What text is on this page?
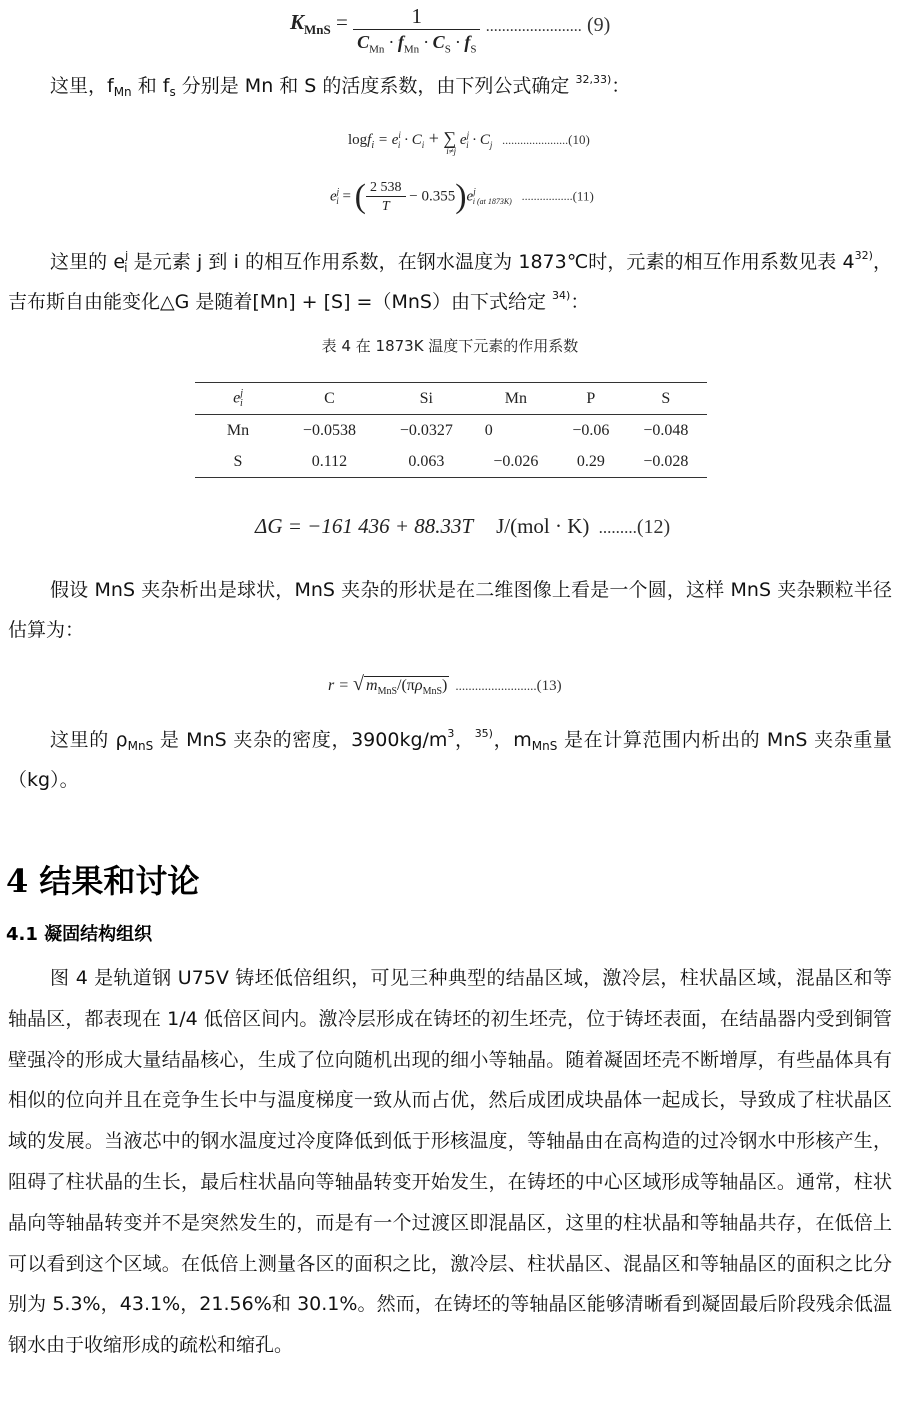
$K_{MnS} = \frac{1}{C_{Mn} \cdot f_{Mn} \cdot C_S \cdot f_S}$ ........................ (9)
这里，$f_{Mn}$ 和 $f_s$ 分别是 Mn 和 S 的活度系数，由下列公式确定 $^{32,33)}$：
$\log f_i = e^i_i \cdot C_i + \sum_{i\ne j}$ $e^j_i \cdot C_j$ ......................(10)
$e^j_i$ = ( $\frac{2 538}{T} - 0.355)e^j_{i (at 1873K)}$ .................(11)
这里的 $e^j_i$ 是元素 j 到 i 的相互作用系数，在钢水温度为 1873℃时，元素的相互作用系数见表 4$^{32)}$，吉布斯自由能变化△G 是随着[Mn] + [S] =（MnS）由下式给定 $^{34)}$：
表 4 在 1873K 温度下元素的作用系数
$e^j_i$	C	Si	Mn	P	S
Mn	−0.0538	−0.0327	0	−0.06	−0.048
S	0.112	0.063	−0.026	0.29	−0.028
ΔG = −161 436 + 88.33T J/(mol · K) .........(12)
假设 MnS 夹杂析出是球状，MnS 夹杂的形状是在二维图像上看是一个圆，这样 MnS 夹杂颗粒半径估算为：
r = √ $m_{MnS}/(\pi\rho_{MnS})$ .........................(13)
这里的 $\rho_{MnS}$ 是 MnS 夹杂的密度，$3900kg/m^3$，$^{35)}$，$m_{MnS}$ 是在计算范围内析出的 MnS 夹杂重量（kg）。
4 结果和讨论
4.1 凝固结构组织
图 4 是轨道钢 U75V 铸坯低倍组织，可见三种典型的结晶区域，激冷层，柱状晶区域，混晶区和等轴晶区，都表现在 1/4 低倍区间内。激冷层形成在铸坯的初生坯壳，位于铸坯表面，在结晶器内受到铜管壁强冷的形成大量结晶核心，生成了位向随机出现的细小等轴晶。随着凝固坯壳不断增厚，有些晶体具有相似的位向并且在竞争生长中与温度梯度一致从而占优，然后成团成块晶体一起成长，导致成了柱状晶区域的发展。当液芯中的钢水温度过冷度降低到低于形核温度，等轴晶由在高构造的过冷钢水中形核产生，阻碍了柱状晶的生长，最后柱状晶向等轴晶转变开始发生，在铸坯的中心区域形成等轴晶区。通常，柱状晶向等轴晶转变并不是突然发生的，而是有一个过渡区即混晶区，这里的柱状晶和等轴晶共存，在低倍上可以看到这个区域。在低倍上测量各区的面积之比，激冷层、柱状晶区、混晶区和等轴晶区的面积之比分别为 5.3%，43.1%，21.56%和 30.1%。然而，在铸坯的等轴晶区能够清晰看到凝固最后阶段残余低温钢水由于收缩形成的疏松和缩孔。
